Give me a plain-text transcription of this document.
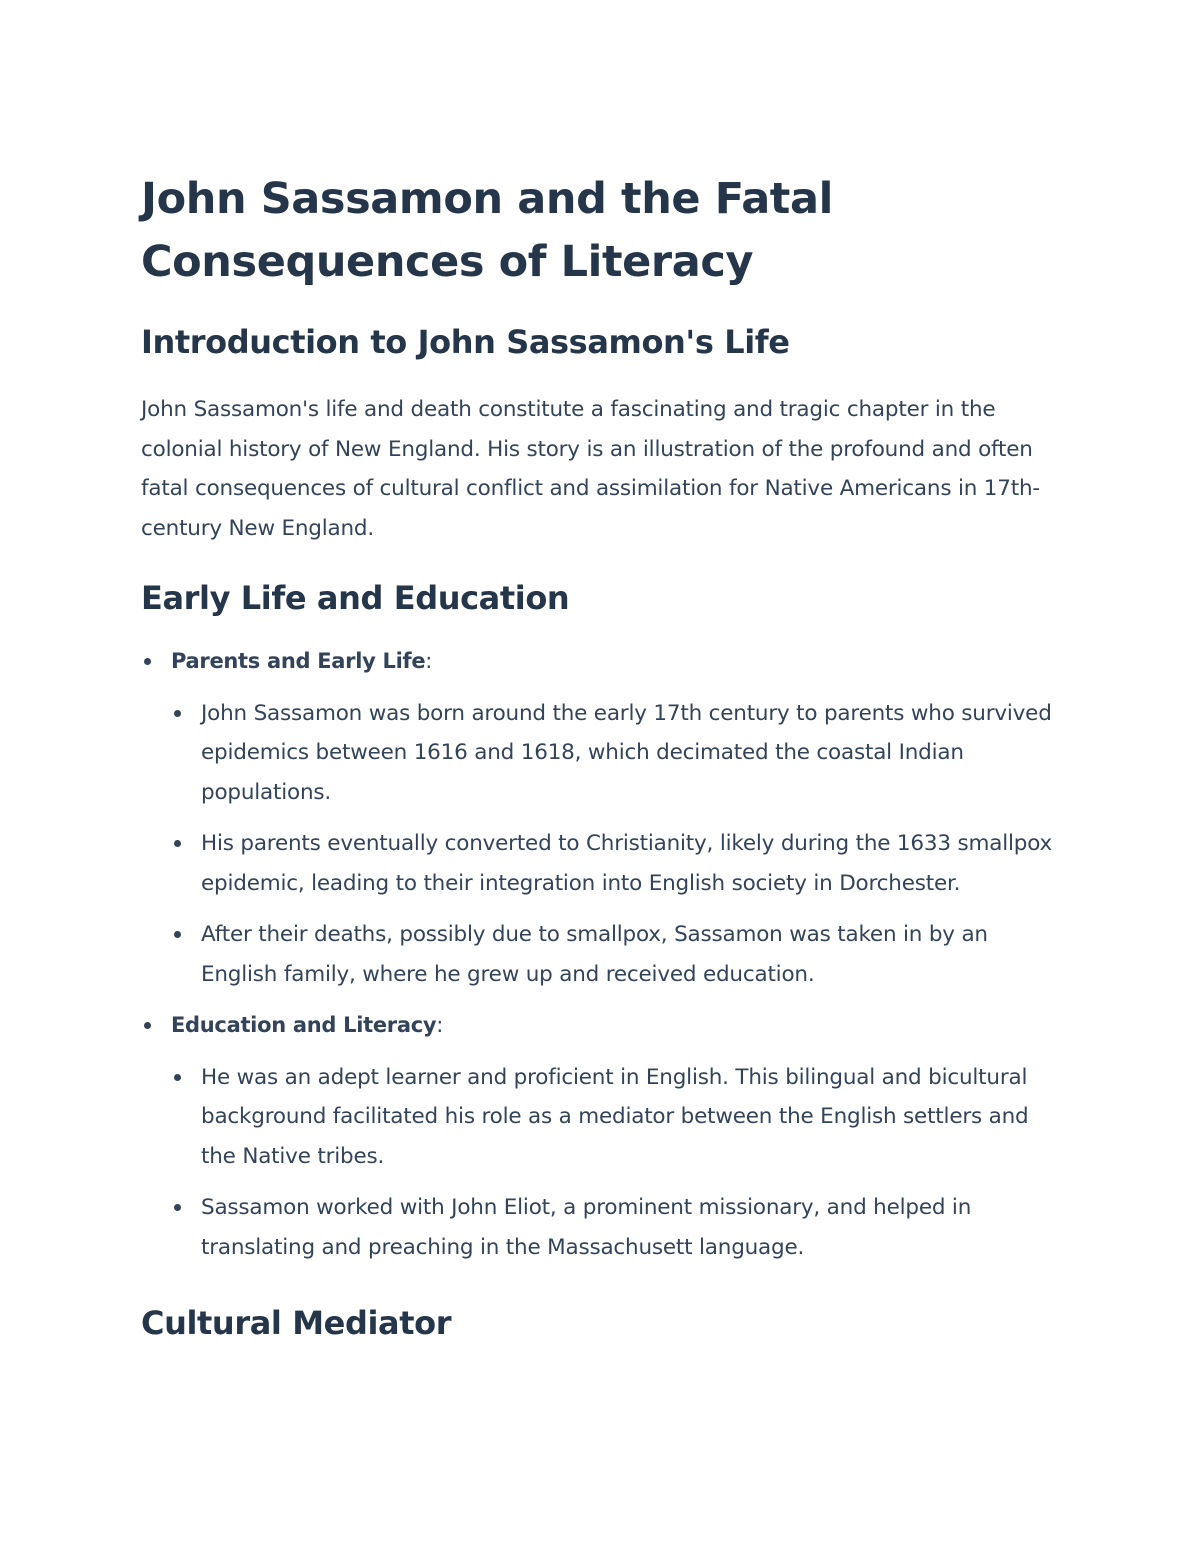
John Sassamon and the Fatal Consequences of Literacy
Introduction to John Sassamon's Life

John Sassamon's life and death constitute a fascinating and tragic chapter in the colonial history of New England. His story is an illustration of the profound and often fatal consequences of cultural conflict and assimilation for Native Americans in 17th-century New England.

Early Life and Education
Parents and Early Life:
John Sassamon was born around the early 17th century to parents who survived epidemics between 1616 and 1618, which decimated the coastal Indian populations.
His parents eventually converted to Christianity, likely during the 1633 smallpox epidemic, leading to their integration into English society in Dorchester.
After their deaths, possibly due to smallpox, Sassamon was taken in by an English family, where he grew up and received education.
Education and Literacy:
He was an adept learner and proficient in English. This bilingual and bicultural background facilitated his role as a mediator between the English settlers and the Native tribes.
Sassamon worked with John Eliot, a prominent missionary, and helped in translating and preaching in the Massachusett language.
Cultural Mediator
